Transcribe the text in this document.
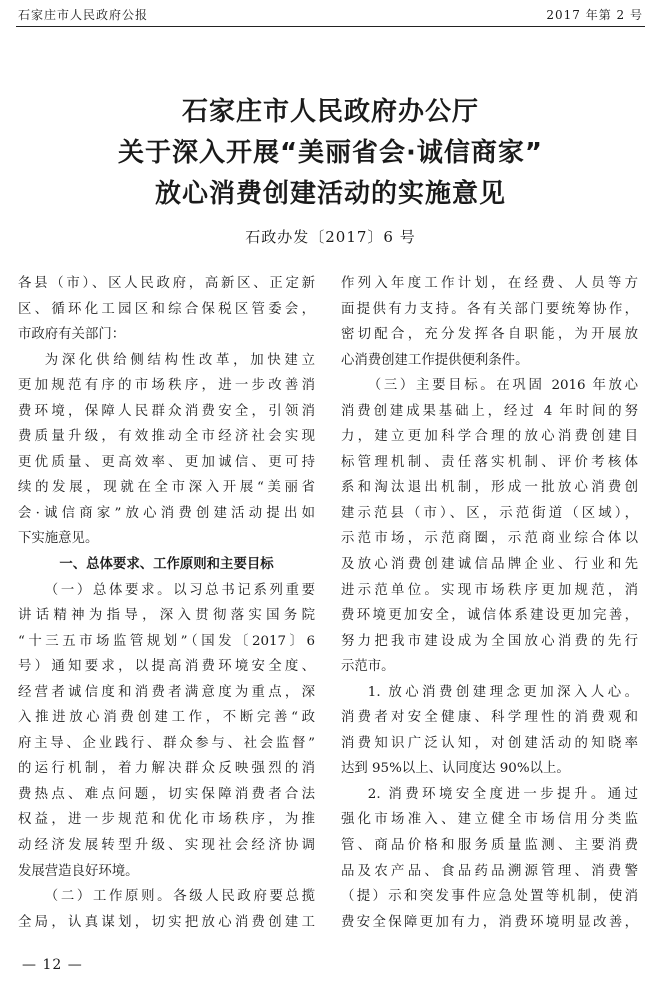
石家庄市人民政府公报	2017 年第 2 号
石家庄市人民政府办公厅
关于深入开展“美丽省会·诚信商家”
放心消费创建活动的实施意见
石政办发〔2017〕6 号
各县（市）、区人民政府，高新区、正定新
区、循环化工园区和综合保税区管委会，
市政府有关部门：
为深化供给侧结构性改革，加快建立
更加规范有序的市场秩序，进一步改善消
费环境，保障人民群众消费安全，引领消
费质量升级，有效推动全市经济社会实现
更优质量、更高效率、更加诚信、更可持
续的发展，现就在全市深入开展“美丽省
会·诚信商家”放心消费创建活动提出如
下实施意见。
一、总体要求、工作原则和主要目标
（一）总体要求。以习总书记系列重要
讲话精神为指导，深入贯彻落实国务院
“十三五市场监管规划”（国发〔2017〕6
号）通知要求，以提高消费环境安全度、
经营者诚信度和消费者满意度为重点，深
入推进放心消费创建工作，不断完善“政
府主导、企业践行、群众参与、社会监督”
的运行机制，着力解决群众反映强烈的消
费热点、难点问题，切实保障消费者合法
权益，进一步规范和优化市场秩序，为推
动经济发展转型升级、实现社会经济协调
发展营造良好环境。
（二）工作原则。各级人民政府要总揽
全局，认真谋划，切实把放心消费创建工
作列入年度工作计划，在经费、人员等方
面提供有力支持。各有关部门要统筹协作，
密切配合，充分发挥各自职能，为开展放
心消费创建工作提供便利条件。
（三）主要目标。在巩固 2016 年放心
消费创建成果基础上，经过 4 年时间的努
力，建立更加科学合理的放心消费创建目
标管理机制、责任落实机制、评价考核体
系和淘汰退出机制，形成一批放心消费创
建示范县（市）、区，示范街道（区域），
示范市场，示范商圈，示范商业综合体以
及放心消费创建诚信品牌企业、行业和先
进示范单位。实现市场秩序更加规范，消
费环境更加安全，诚信体系建设更加完善，
努力把我市建设成为全国放心消费的先行
示范市。
1. 放心消费创建理念更加深入人心。
消费者对安全健康、科学理性的消费观和
消费知识广泛认知，对创建活动的知晓率
达到 95%以上、认同度达 90%以上。
2. 消费环境安全度进一步提升。通过
强化市场准入、建立健全市场信用分类监
管、商品价格和服务质量监测、主要消费
品及农产品、食品药品溯源管理、消费警
（提）示和突发事件应急处置等机制，使消
费安全保障更加有力，消费环境明显改善，
— 12 —
